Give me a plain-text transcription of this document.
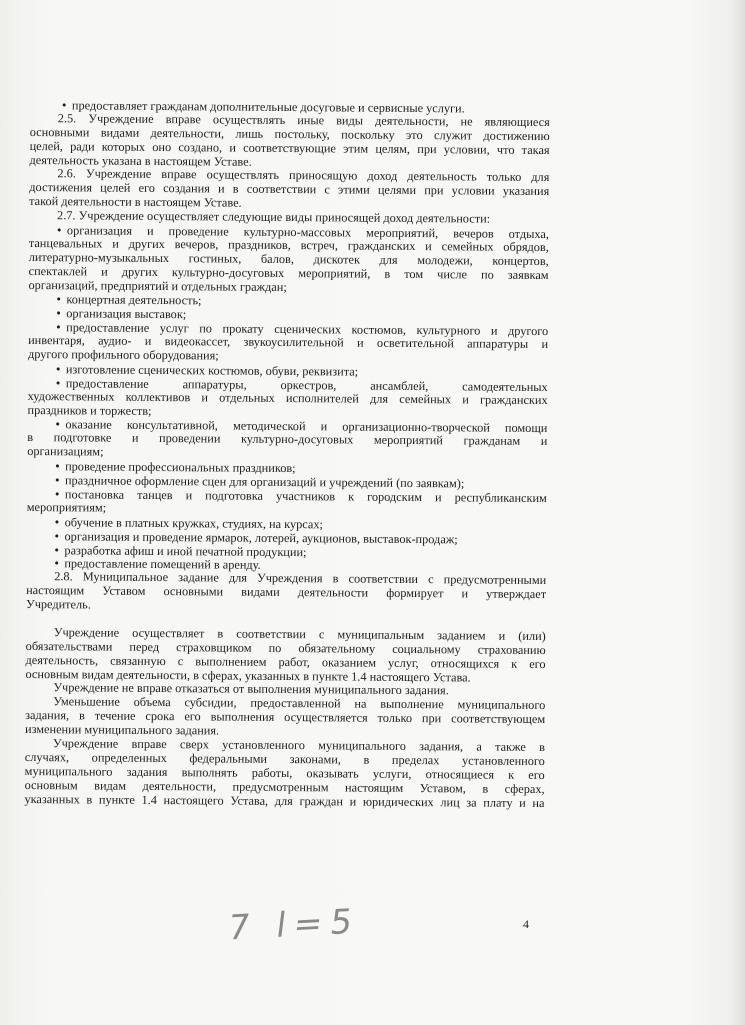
• предоставляет гражданам дополнительные досуговые и сервисные услуги.
2.5. Учреждение вправе осуществлять иные виды деятельности, не являющиеся
основными видами деятельности, лишь постольку, поскольку это служит достижению
целей, ради которых оно создано, и соответствующие этим целям, при условии, что такая
деятельность указана в настоящем Уставе.
2.6. Учреждение вправе осуществлять приносящую доход деятельность только для
достижения целей его создания и в соответствии с этими целями при условии указания
такой деятельности в настоящем Уставе.
2.7. Учреждение осуществляет следующие виды приносящей доход деятельности:
• организация и проведение культурно-массовых мероприятий, вечеров отдыха,
танцевальных и других вечеров, праздников, встреч, гражданских и семейных обрядов,
литературно-музыкальных гостиных, балов, дискотек для молодежи, концертов,
спектаклей и других культурно-досуговых мероприятий, в том числе по заявкам
организаций, предприятий и отдельных граждан;
• концертная деятельность;
• организация выставок;
• предоставление услуг по прокату сценических костюмов, культурного и другого
инвентаря, аудио- и видеокассет, звукоусилительной и осветительной аппаратуры и
другого профильного оборудования;
• изготовление сценических костюмов, обуви, реквизита;
• предоставление аппаратуры, оркестров, ансамблей, самодеятельных
художественных коллективов и отдельных исполнителей для семейных и гражданских
праздников и торжеств;
• оказание консультативной, методической и организационно-творческой помощи
в подготовке и проведении культурно-досуговых мероприятий гражданам и
организациям;
• проведение профессиональных праздников;
• праздничное оформление сцен для организаций и учреждений (по заявкам);
• постановка танцев и подготовка участников к городским и республиканским
мероприятиям;
• обучение в платных кружках, студиях, на курсах;
• организация и проведение ярмарок, лотерей, аукционов, выставок-продаж;
• разработка афиш и иной печатной продукции;
• предоставление помещений в аренду.
2.8. Муниципальное задание для Учреждения в соответствии с предусмотренными
настоящим Уставом основными видами деятельности формирует и утверждает
Учредитель.
Учреждение осуществляет в соответствии с муниципальным заданием и (или)
обязательствами перед страховщиком по обязательному социальному страхованию
деятельность, связанную с выполнением работ, оказанием услуг, относящихся к его
основным видам деятельности, в сферах, указанных в пункте 1.4 настоящего Устава.
Учреждение не вправе отказаться от выполнения муниципального задания.
Уменьшение объема субсидии, предоставленной на выполнение муниципального
задания, в течение срока его выполнения осуществляется только при соответствующем
изменении муниципального задания.
Учреждение вправе сверх установленного муниципального задания, а также в
случаях, определенных федеральными законами, в пределах установленного
муниципального задания выполнять работы, оказывать услуги, относящиеся к его
основным видам деятельности, предусмотренным настоящим Уставом, в сферах,
указанных в пункте 1.4 настоящего Устава, для граждан и юридических лиц за плату и на
7 l=5	4
